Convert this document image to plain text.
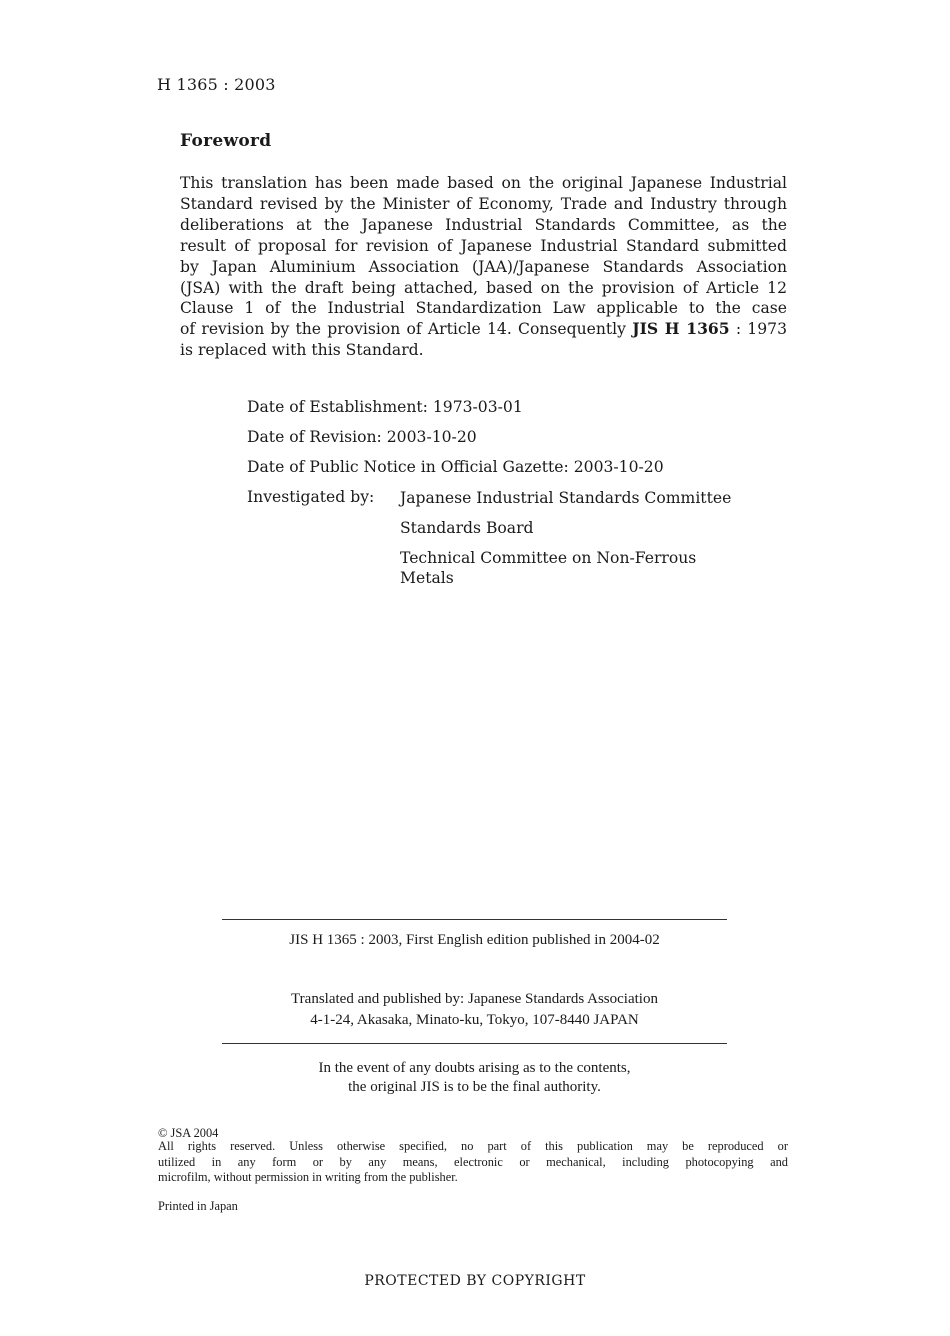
H 1365 : 2003
Foreword
This translation has been made based on the original Japanese Industrial
Standard revised by the Minister of Economy, Trade and Industry through
deliberations at the Japanese Industrial Standards Committee, as the
result of proposal for revision of Japanese Industrial Standard submitted
by Japan Aluminium Association (JAA)/Japanese Standards Association
(JSA) with the draft being attached, based on the provision of Article 12
Clause 1 of the Industrial Standardization Law applicable to the case
of revision by the provision of Article 14. Consequently JIS H 1365 : 1973
is replaced with this Standard.
Date of Establishment: 1973-03-01
Date of Revision: 2003-10-20
Date of Public Notice in Official Gazette: 2003-10-20
Investigated by: Japanese Industrial Standards Committee
Standards Board
Technical Committee on Non-Ferrous
Metals
JIS H 1365 : 2003, First English edition published in 2004-02
Translated and published by: Japanese Standards Association
4-1-24, Akasaka, Minato-ku, Tokyo, 107-8440 JAPAN
In the event of any doubts arising as to the contents,
the original JIS is to be the final authority.
© JSA 2004
All rights reserved. Unless otherwise specified, no part of this publication may be reproduced or
utilized in any form or by any means, electronic or mechanical, including photocopying and
microfilm, without permission in writing from the publisher.
Printed in Japan
PROTECTED BY COPYRIGHT
